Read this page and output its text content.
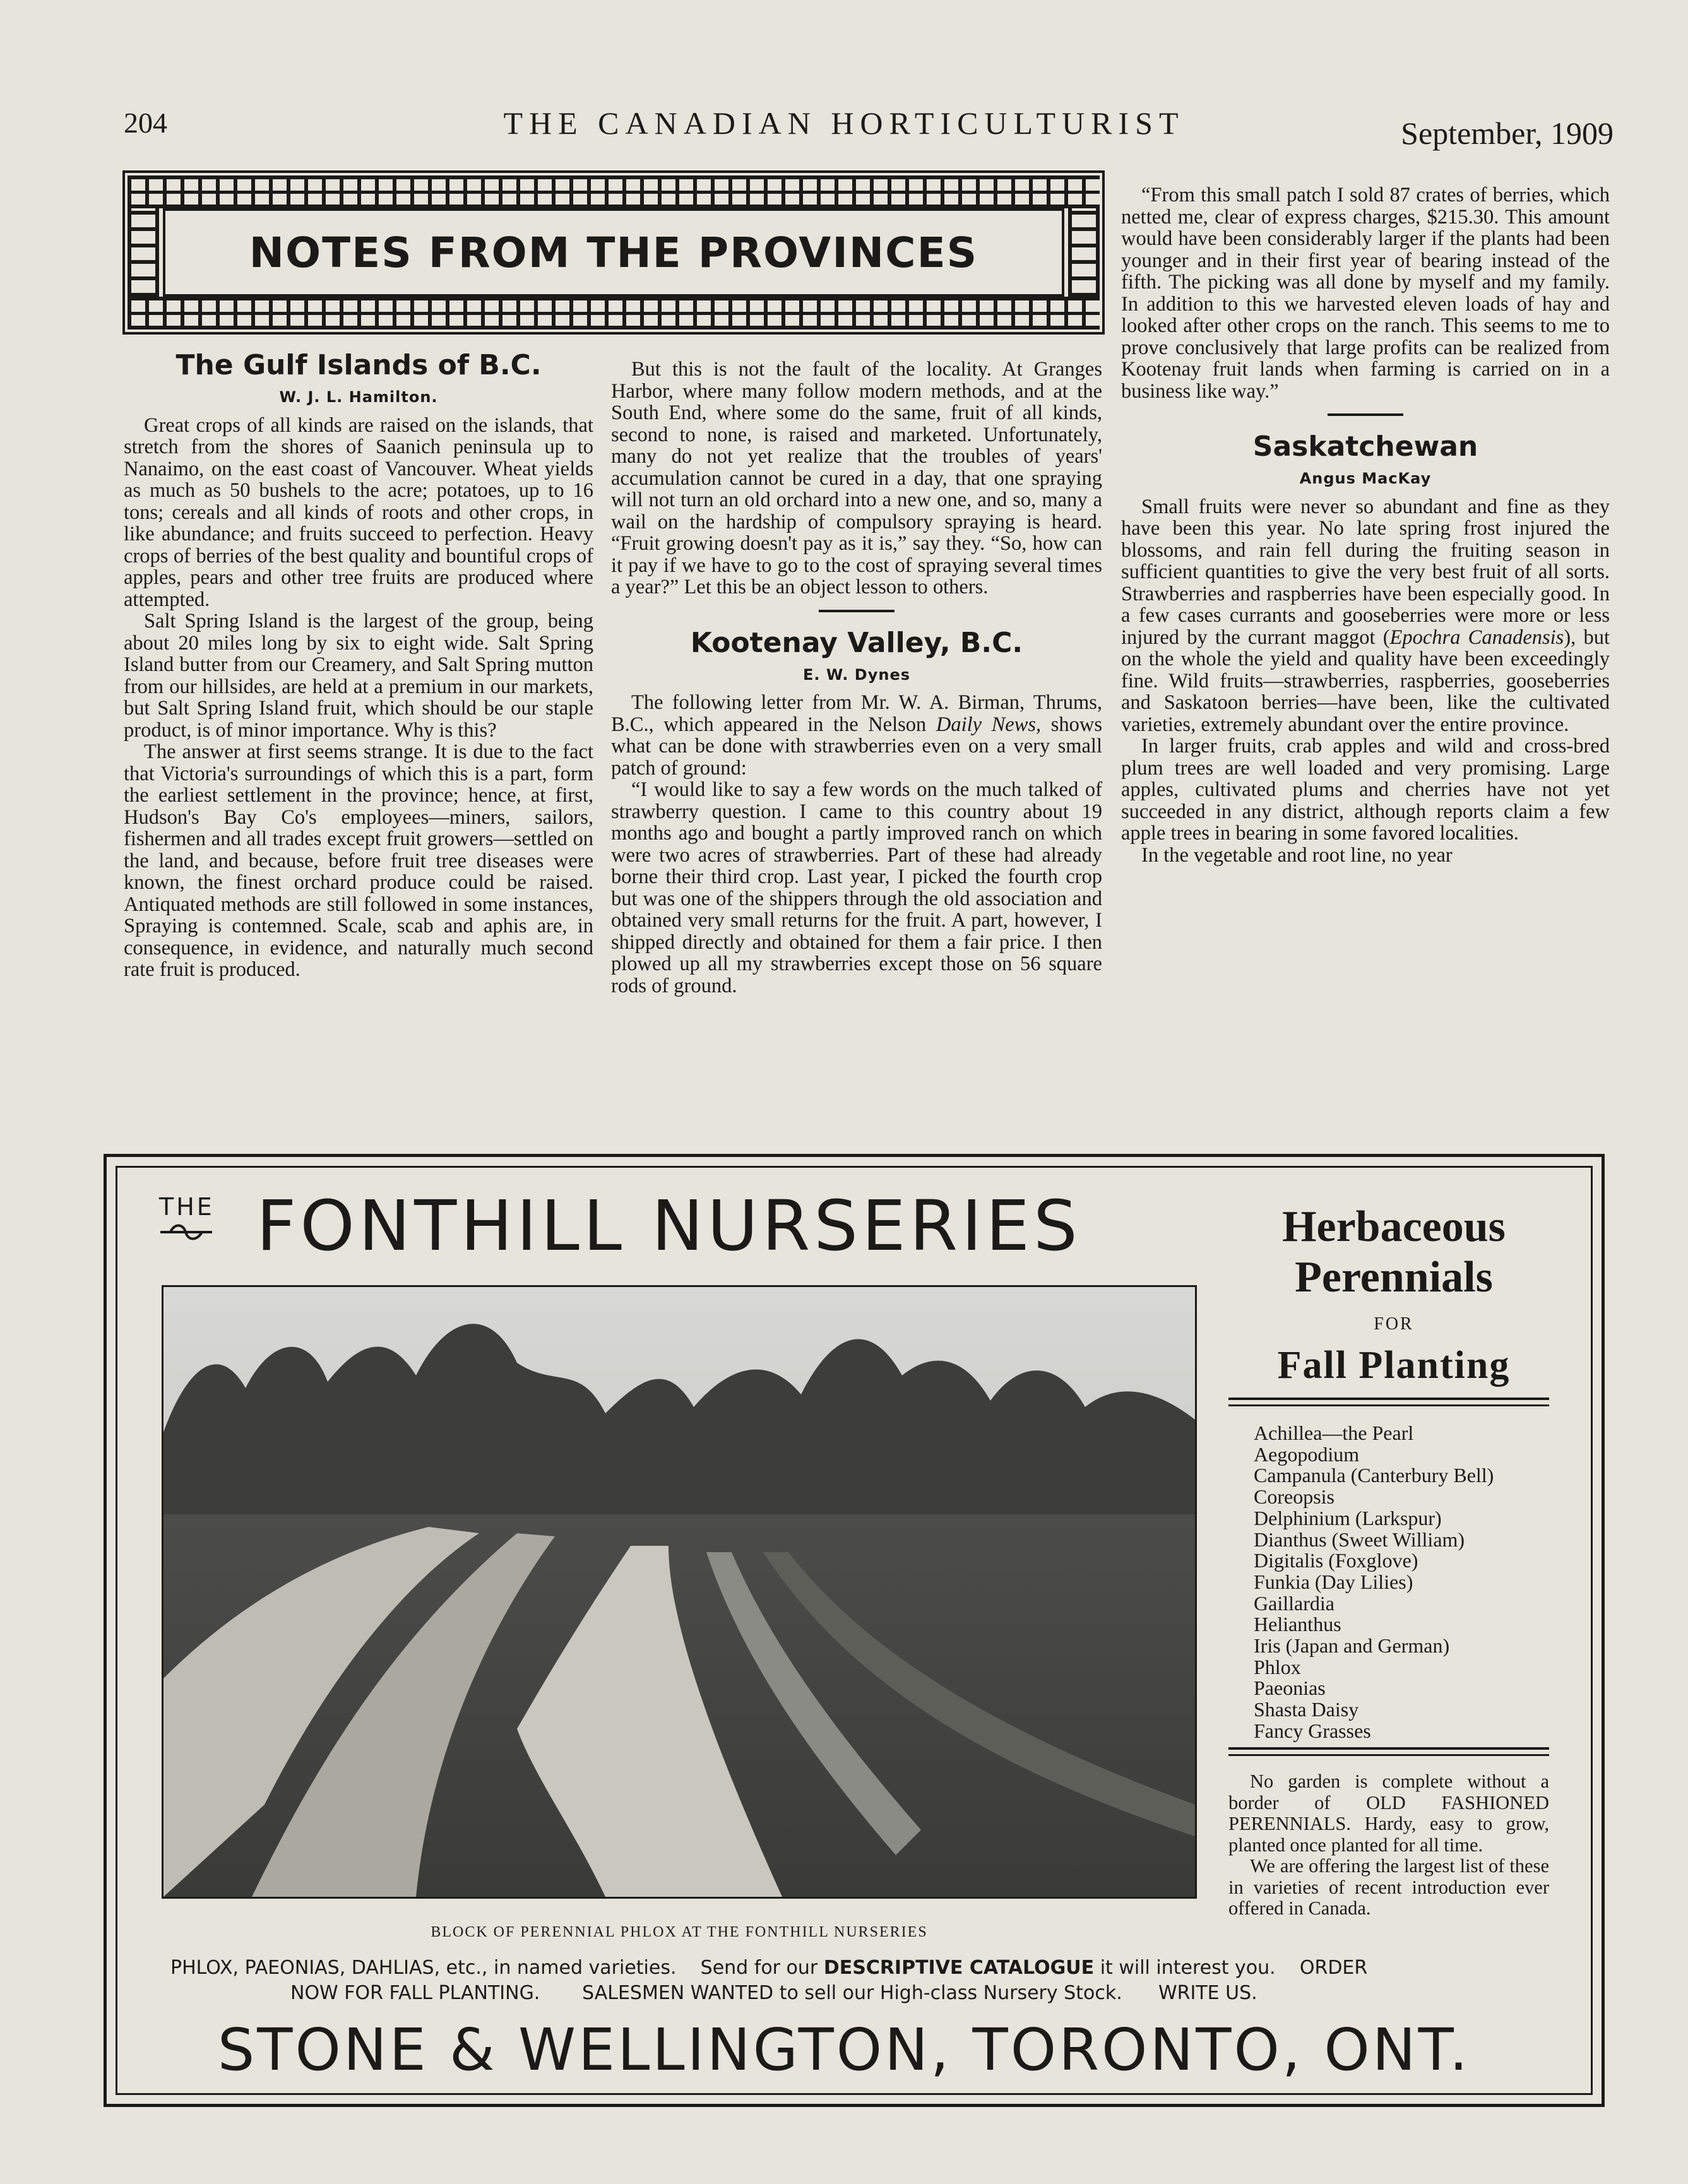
204	THE CANADIAN HORTICULTURIST	September, 1909
NOTES FROM THE PROVINCES
The Gulf Islands of B.C.
W. J. L. Hamilton.

Great crops of all kinds are raised on the islands, that stretch from the shores of Saanich peninsula up to Nanaimo, on the east coast of Vancouver. Wheat yields as much as 50 bushels to the acre; potatoes, up to 16 tons; cereals and all kinds of roots and other crops, in like abundance; and fruits succeed to perfection. Heavy crops of berries of the best quality and bountiful crops of apples, pears and other tree fruits are produced where attempted.

Salt Spring Island is the largest of the group, being about 20 miles long by six to eight wide. Salt Spring Island butter from our Creamery, and Salt Spring mutton from our hillsides, are held at a premium in our markets, but Salt Spring Island fruit, which should be our staple product, is of minor importance. Why is this?

The answer at first seems strange. It is due to the fact that Victoria's surroundings of which this is a part, form the earliest settlement in the province; hence, at first, Hudson's Bay Co's employees—miners, sailors, fishermen and all trades except fruit growers—settled on the land, and because, before fruit tree diseases were known, the finest orchard produce could be raised. Antiquated methods are still followed in some instances, Spraying is contemned. Scale, scab and aphis are, in consequence, in evidence, and naturally much second rate fruit is produced.

But this is not the fault of the locality. At Granges Harbor, where many follow modern methods, and at the South End, where some do the same, fruit of all kinds, second to none, is raised and marketed. Unfortunately, many do not yet realize that the troubles of years' accumulation cannot be cured in a day, that one spraying will not turn an old orchard into a new one, and so, many a wail on the hardship of compulsory spraying is heard. “Fruit growing doesn't pay as it is,” say they. “So, how can it pay if we have to go to the cost of spraying several times a year?” Let this be an object lesson to others.

Kootenay Valley, B.C.
E. W. Dynes

The following letter from Mr. W. A. Birman, Thrums, B.C., which appeared in the Nelson Daily News, shows what can be done with strawberries even on a very small patch of ground:

“I would like to say a few words on the much talked of strawberry question. I came to this country about 19 months ago and bought a partly improved ranch on which were two acres of strawberries. Part of these had already borne their third crop. Last year, I picked the fourth crop but was one of the shippers through the old association and obtained very small returns for the fruit. A part, however, I shipped directly and obtained for them a fair price. I then plowed up all my strawberries except those on 56 square rods of ground.

“From this small patch I sold 87 crates of berries, which netted me, clear of express charges, $215.30. This amount would have been considerably larger if the plants had been younger and in their first year of bearing instead of the fifth. The picking was all done by myself and my family. In addition to this we harvested eleven loads of hay and looked after other crops on the ranch. This seems to me to prove conclusively that large profits can be realized from Kootenay fruit lands when farming is carried on in a business like way.”

Saskatchewan
Angus MacKay

Small fruits were never so abundant and fine as they have been this year. No late spring frost injured the blossoms, and rain fell during the fruiting season in sufficient quantities to give the very best fruit of all sorts. Strawberries and raspberries have been especially good. In a few cases currants and gooseberries were more or less injured by the currant maggot (Epochra Canadensis), but on the whole the yield and quality have been exceedingly fine. Wild fruits—strawberries, raspberries, gooseberries and Saskatoon berries—have been, like the cultivated varieties, extremely abundant over the entire province.

In larger fruits, crab apples and wild and cross-bred plum trees are well loaded and very promising. Large apples, cultivated plums and cherries have not yet succeeded in any district, although reports claim a few apple trees in bearing in some favored localities.

In the vegetable and root line, no year

THE FONTHILL NURSERIES
BLOCK OF PERENNIAL PHLOX AT THE FONTHILL NURSERIES
Herbaceous Perennials
FOR
Fall Planting
Achillea—the Pearl
Aegopodium
Campanula (Canterbury Bell)
Coreopsis
Delphinium (Larkspur)
Dianthus (Sweet William)
Digitalis (Foxglove)
Funkia (Day Lilies)
Gaillardia
Helianthus
Iris (Japan and German)
Phlox
Paeonias
Shasta Daisy
Fancy Grasses

No garden is complete without a border of OLD FASHIONED PERENNIALS. Hardy, easy to grow, planted once planted for all time.

We are offering the largest list of these in varieties of recent introduction ever offered in Canada.

PHLOX, PAEONIAS, DAHLIAS, etc., in named varieties. Send for our DESCRIPTIVE CATALOGUE it will interest you. ORDER
NOW FOR FALL PLANTING. SALESMEN WANTED to sell our High-class Nursery Stock. WRITE US.
STONE & WELLINGTON, TORONTO, ONT.
